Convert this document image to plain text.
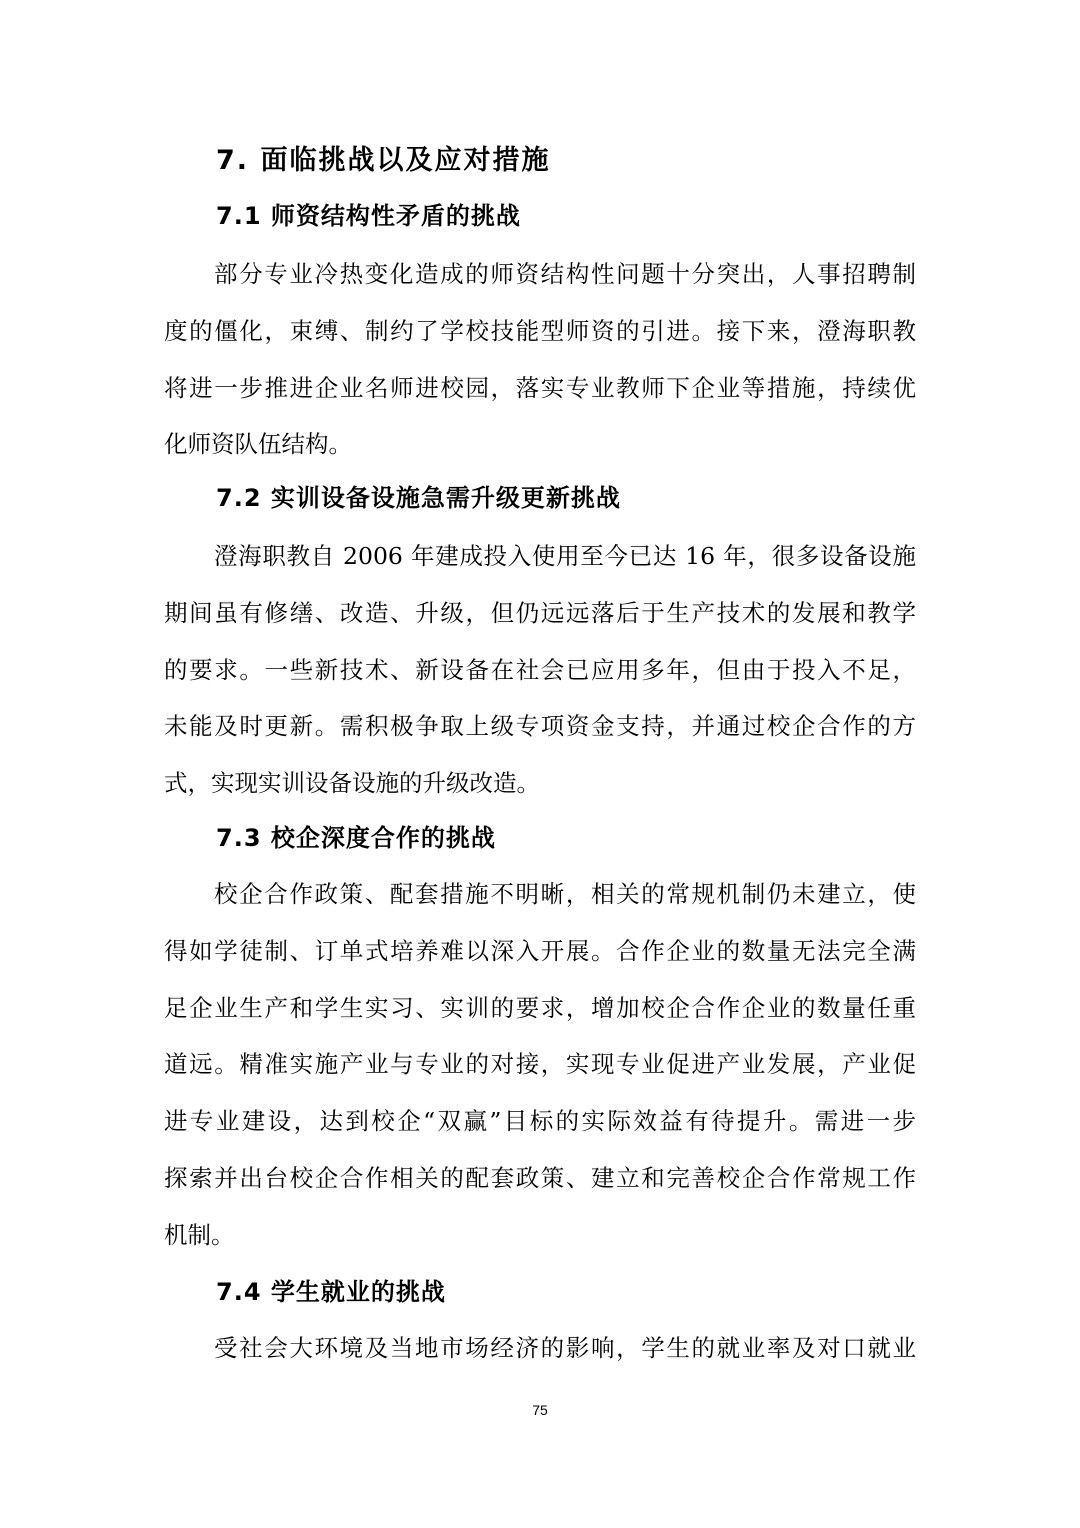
7. 面临挑战以及应对措施
7.1 师资结构性矛盾的挑战
部分专业冷热变化造成的师资结构性问题十分突出，人事招聘制
度的僵化，束缚、制约了学校技能型师资的引进。接下来，澄海职教
将进一步推进企业名师进校园，落实专业教师下企业等措施，持续优
化师资队伍结构。
7.2 实训设备设施急需升级更新挑战
澄海职教自 2006 年建成投入使用至今已达 16 年，很多设备设施
期间虽有修缮、改造、升级，但仍远远落后于生产技术的发展和教学
的要求。一些新技术、新设备在社会已应用多年，但由于投入不足，
未能及时更新。需积极争取上级专项资金支持，并通过校企合作的方
式，实现实训设备设施的升级改造。
7.3 校企深度合作的挑战
校企合作政策、配套措施不明晰，相关的常规机制仍未建立，使
得如学徒制、订单式培养难以深入开展。合作企业的数量无法完全满
足企业生产和学生实习、实训的要求，增加校企合作企业的数量任重
道远。精准实施产业与专业的对接，实现专业促进产业发展，产业促
进专业建设，达到校企“双赢”目标的实际效益有待提升。需进一步
探索并出台校企合作相关的配套政策、建立和完善校企合作常规工作
机制。
7.4 学生就业的挑战
受社会大环境及当地市场经济的影响，学生的就业率及对口就业
75
